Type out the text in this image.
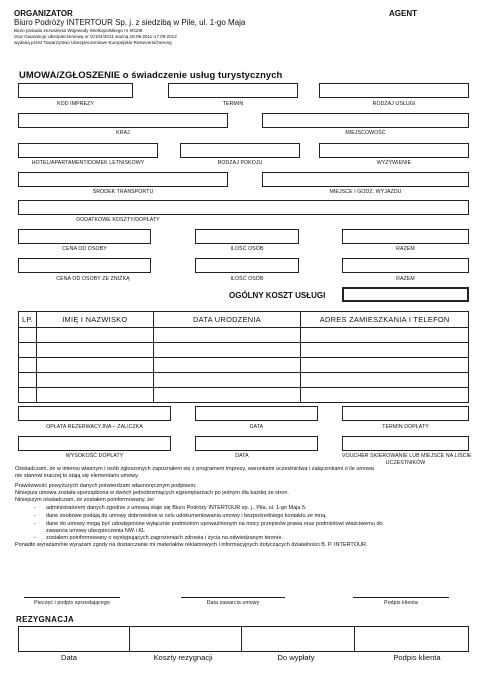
ORGANIZATOR	AGENT
Biuro Podróży INTERTOUR Sp. j. z siedzibą w Pile, ul. 1-go Maja
Biuro posiada zezwolenia Wojewody Wielkopolskiego nr 00108
oraz Gwarancję Ubezpieczeniową nr G/104/2011 ważną 18.09.2011-17.09.2012
wydaną przez Towarzystwo Ubezpieczeniowe Europejskie Reiseversicherung
UMOWA/ZGŁOSZENIE o świadczenie usług turystycznych
KOD IMPREZY	TERMIN	RODZAJ USŁUGI
KRAJ	MIEJSCOWOŚĆ
HOTEL/APARTAMENT/DOMEK LETNISKOWY	RODZAJ POKOJU	WYŻYWIENIE
ŚRODEK TRANSPORTU	MIEJSCE I GODZ. WYJAZDU
DODATKOWE KOSZTY/DOPŁATY
CENA OD OSOBY	ILOŚĆ OSÓB	RAZEM
CENA OD OSOBY ZE ZNIŻKĄ	ILOŚĆ OSÓB	RAZEM
OGÓLNY KOSZT USŁUGI
LP.	IMIĘ I NAZWISKO	DATA URODZENIA	ADRES ZAMIESZKANIA I TELEFON

OPŁATA REZERWACYJNA – ZALICZKA	DATA	TERMIN DOPŁATY
WYSOKOŚĆ DOPŁATY	DATA	VOUCHER SKIEROWANIE LUB MIEJSCE NA LIŚCIE
UCZESTNIKÓW
Oświadczam, że w imieniu własnym i osób zgłoszonych zapoznałem się z programem imprezy, warunkami uczestnictwa i załącznikami o ile umowa
nie stanowi inaczej to stają się elementami umowy.
Prawdziwość powyższych danych potwierdzam własnoręcznym podpisem.
Niniejsza umowa została sporządzona w dwóch jednobrzmiących egzemplarzach po jednym dla każdej ze stron.
Niniejszym oświadczam, że zostałem poinformowany, że:
- administratorem danych zgodnie z umową staje się Biuro Podróży INTERTOUR sp. j., Piła, ul. 1-go Maja 5.
- dane osobowe podają do umowy dobrowolnie w celu udokumentowania umowy i bezpośredniego kontaktu ze mną,
- dane do umowy mogą być udostępnione wyłącznie podmiotom upoważnionym na mocy przepisów prawa oraz podmiotowi właściwemu do
zawarcia umowy ubezpieczenia NW i KL
- zostałem poinformowany o występujących zagrożeniach zdrowia i życia na odwiedzanym terenie.
Ponadto wyrażam/nie wyrażam zgody na dostarczanie mi materiałów reklamowych i informacyjnych dotyczących działalności B. P. INTERTOUR.
Pieczęć i podpis sprzedającego	Data zawarcia umowy	Podpis klienta
REZYGNACJA

Data	Koszty rezygnacji	Do wypłaty	Podpis klienta
